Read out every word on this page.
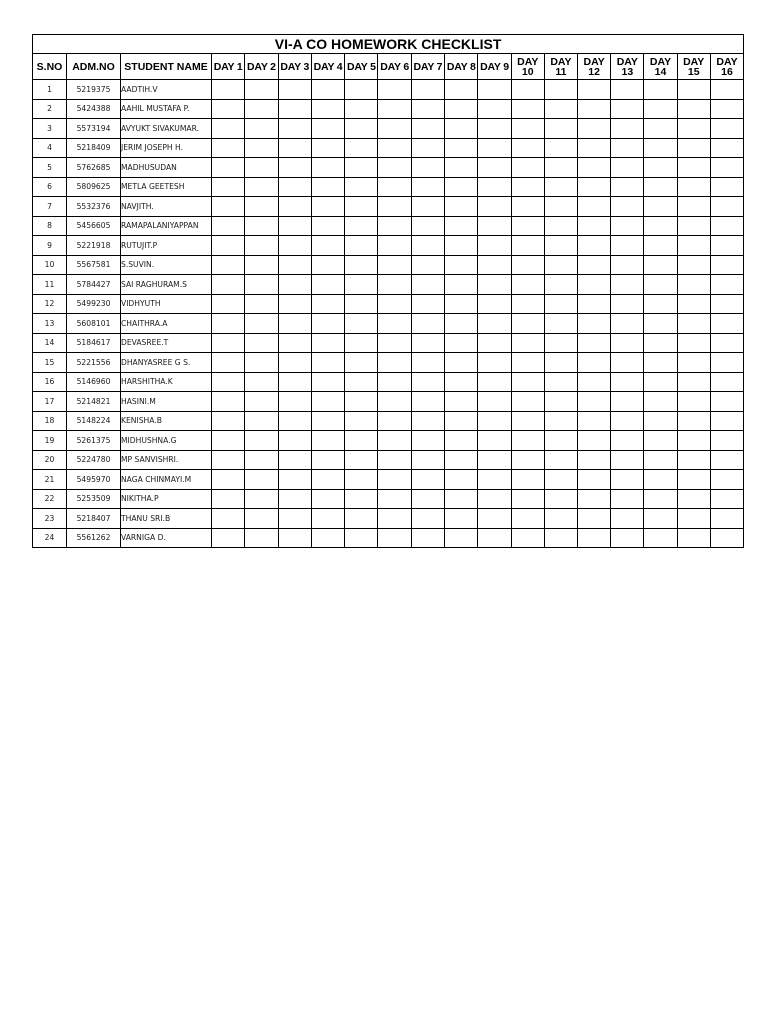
VI-A CO HOMEWORK CHECKLIST																		
S.NO	ADM.NO	STUDENT NAME	DAY 1	DAY 2	DAY 3	DAY 4	DAY 5	DAY 6	DAY 7	DAY 8	DAY 9	DAY 10	DAY 11	DAY 12	DAY 13	DAY 14	DAY 15	DAY 16
1	5219375	AADTIH.V																
2	5424388	AAHIL MUSTAFA P.																
3	5573194	AVYUKT SIVAKUMAR.																
4	5218409	JERIM JOSEPH H.																
5	5762685	MADHUSUDAN																
6	5809625	METLA GEETESH																
7	5532376	NAVJITH.																
8	5456605	RAMAPALANIYAPPAN																
9	5221918	RUTUJIT.P																
10	5567581	S.SUVIN.																
11	5784427	SAI RAGHURAM.S																
12	5499230	VIDHYUTH																
13	5608101	CHAITHRA.A																
14	5184617	DEVASREE.T																
15	5221556	DHANYASREE G S.																
16	5146960	HARSHITHA.K																
17	5214821	HASINI.M																
18	5148224	KENISHA.B																
19	5261375	MIDHUSHNA.G																
20	5224780	MP SANVISHRI.																
21	5495970	NAGA CHINMAYI.M																
22	5253509	NIKITHA.P																
23	5218407	THANU SRI.B																
24	5561262	VARNIGA D.																
